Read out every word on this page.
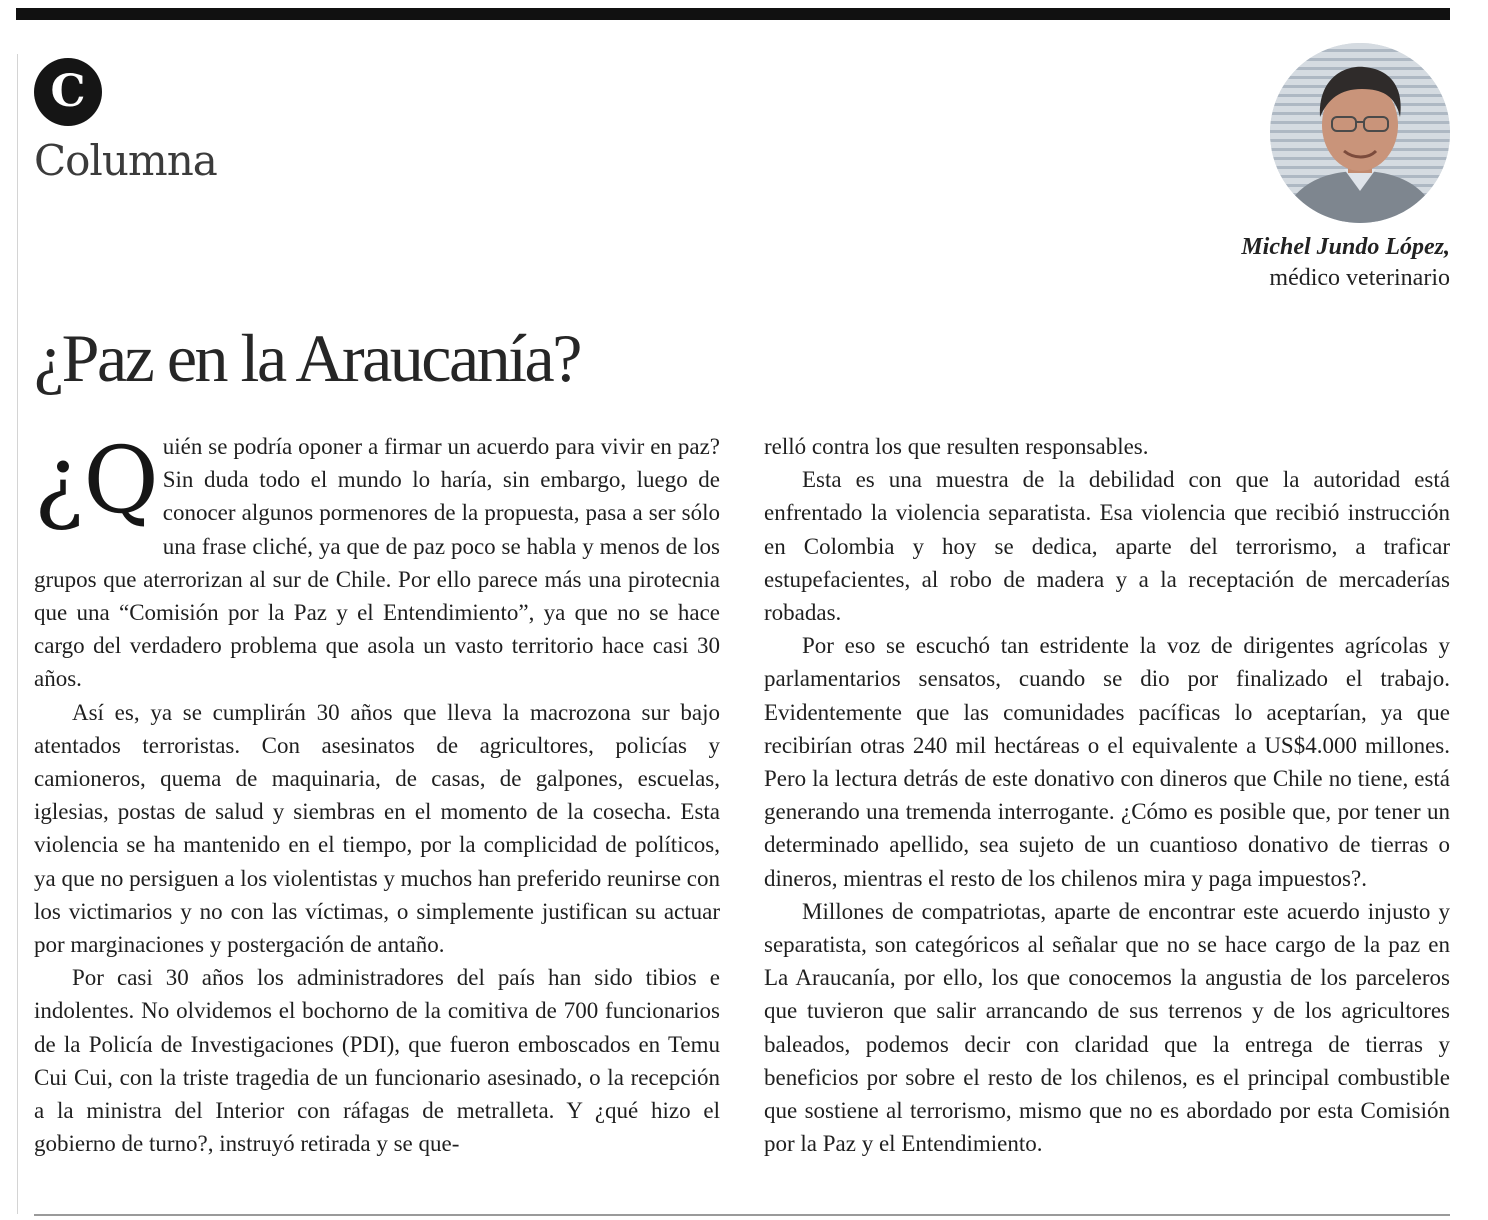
C
Columna
Michel Jundo López,
médico veterinario
¿Paz en la Araucanía?

¿Q uién se podría oponer a firmar un acuerdo para vivir en paz? Sin duda todo el mundo lo haría, sin embargo, luego de conocer algunos pormenores de la propuesta, pasa a ser sólo una frase cliché, ya que de paz poco se habla y menos de los grupos que aterrorizan al sur de Chile. Por ello parece más una pirotecnia que una “Comisión por la Paz y el Entendimiento”, ya que no se hace cargo del verdadero problema que asola un vasto territorio hace casi 30 años.

Así es, ya se cumplirán 30 años que lleva la macrozona sur bajo atentados terroristas. Con asesinatos de agricultores, policías y camioneros, quema de maquinaria, de casas, de galpones, escuelas, iglesias, postas de salud y siembras en el momento de la cosecha. Esta violencia se ha mantenido en el tiempo, por la complicidad de políticos, ya que no persiguen a los violentistas y muchos han preferido reunirse con los victimarios y no con las víctimas, o simplemente justifican su actuar por marginaciones y postergación de antaño.

Por casi 30 años los administradores del país han sido tibios e indolentes. No olvidemos el bochorno de la comitiva de 700 funcionarios de la Policía de Investigaciones (PDI), que fueron emboscados en Temu Cui Cui, con la triste tragedia de un funcionario asesinado, o la recepción a la ministra del Interior con ráfagas de metralleta. Y ¿qué hizo el gobierno de turno?, instruyó retirada y se que-

relló contra los que resulten responsables.

Esta es una muestra de la debilidad con que la autoridad está enfrentado la violencia separatista. Esa violencia que recibió instrucción en Colombia y hoy se dedica, aparte del terrorismo, a traficar estupefacientes, al robo de madera y a la receptación de mercaderías robadas.

Por eso se escuchó tan estridente la voz de dirigentes agrícolas y parlamentarios sensatos, cuando se dio por finalizado el trabajo. Evidentemente que las comunidades pacíficas lo aceptarían, ya que recibirían otras 240 mil hectáreas o el equivalente a US$4.000 millones. Pero la lectura detrás de este donativo con dineros que Chile no tiene, está generando una tremenda interrogante. ¿Cómo es posible que, por tener un determinado apellido, sea sujeto de un cuantioso donativo de tierras o dineros, mientras el resto de los chilenos mira y paga impuestos?.

Millones de compatriotas, aparte de encontrar este acuerdo injusto y separatista, son categóricos al señalar que no se hace cargo de la paz en La Araucanía, por ello, los que conocemos la angustia de los parceleros que tuvieron que salir arrancando de sus terrenos y de los agricultores baleados, podemos decir con claridad que la entrega de tierras y beneficios por sobre el resto de los chilenos, es el principal combustible que sostiene al terrorismo, mismo que no es abordado por esta Comisión por la Paz y el Entendimiento.
